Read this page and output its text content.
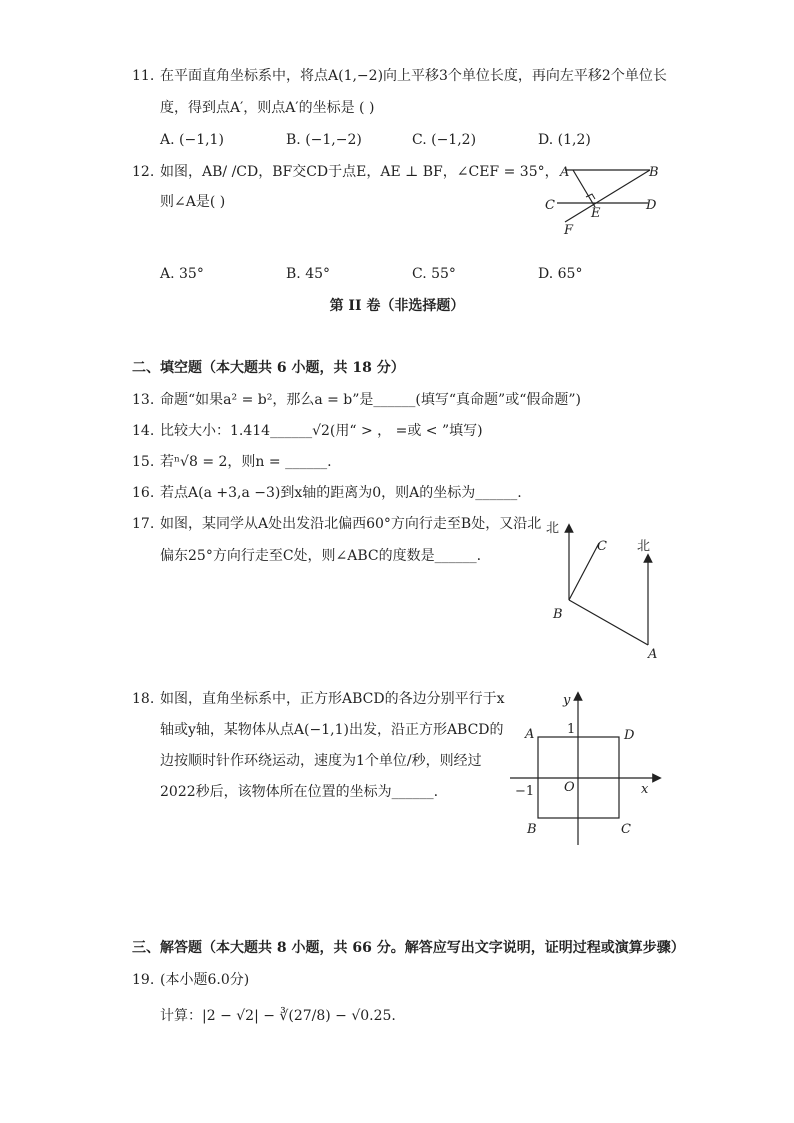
11. 在平面直角坐标系中，将点A(1,−2)向上平移3个单位长度，再向左平移2个单位长
度，得到点A′，则点A′的坐标是 ( )
A. (−1,1)	B. (−1,−2)	C. (−1,2)	D. (1,2)
12. 如图，AB/ /CD，BF交CD于点E，AE ⊥ BF，∠CEF = 35°，
则∠A是( )
A	B
C	D
E
F
A. 35°	B. 45°	C. 55°	D. 65°
第 II 卷（非选择题）
二、填空题（本大题共 6 小题，共 18 分）
13. 命题“如果a² = b²，那么a = b”是______(填写“真命题”或“假命题”)
14. 比较大小：1.414______√2(用“ > ， =或 < ”填写)
15. 若ⁿ√8 = 2，则n = ______.
16. 若点A(a +3,a −3)到x轴的距离为0，则A的坐标为______.
17. 如图，某同学从A处出发沿北偏西60°方向行走至B处，又沿北
偏东25°方向行走至C处，则∠ABC的度数是______.
北
北
C
B
A
18. 如图，直角坐标系中，正方形ABCD的各边分别平行于x
轴或y轴，某物体从点A(−1,1)出发，沿正方形ABCD的
边按顺时针作环绕运动，速度为1个单位/秒，则经过
2022秒后，该物体所在位置的坐标为______.
y
x
O
1
−1
A	D
B	C
三、解答题（本大题共 8 小题，共 66 分。解答应写出文字说明，证明过程或演算步骤）
19. (本小题6.0分)
计算：|2 − √2| − ∛(27/8) − √0.25.
